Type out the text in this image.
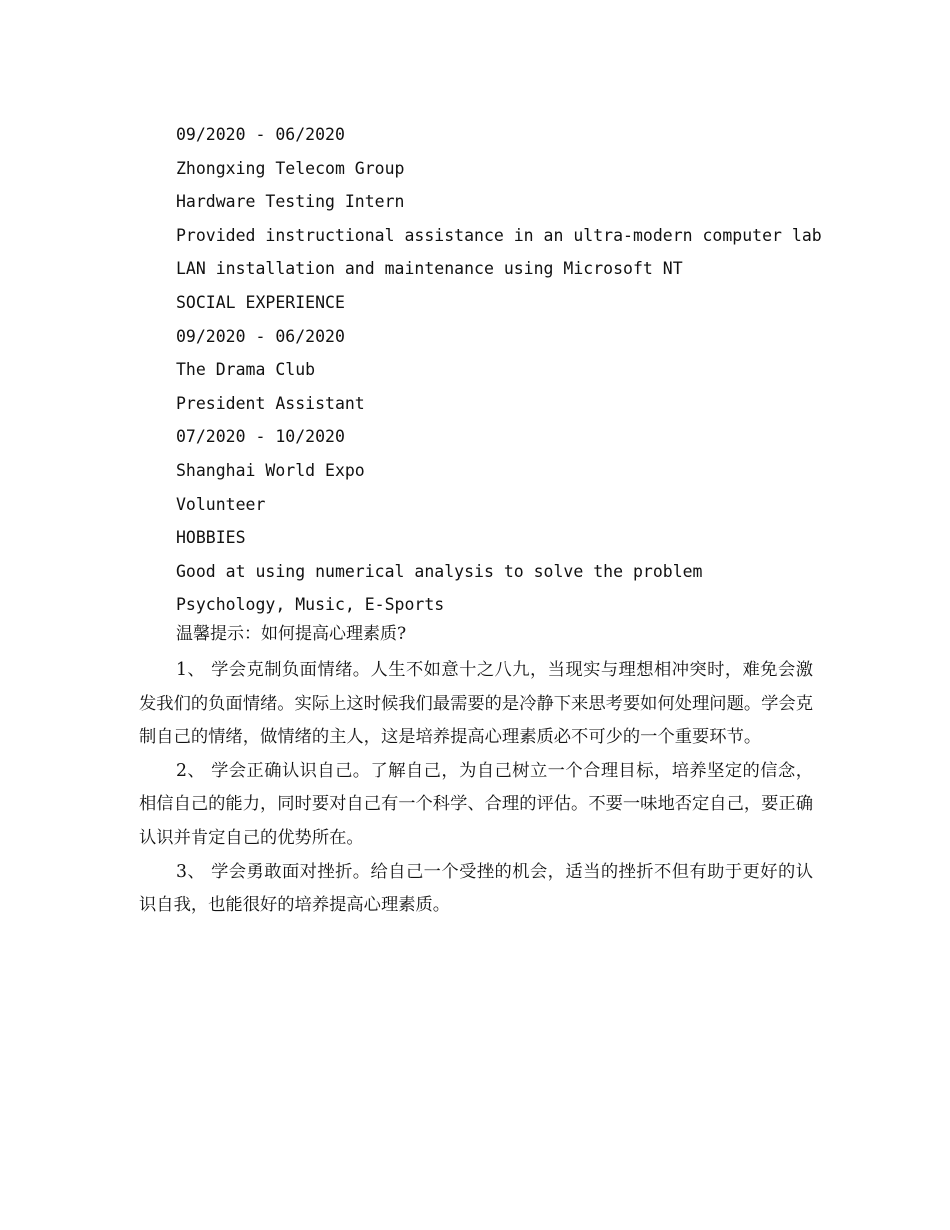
09/2020 - 06/2020
Zhongxing Telecom Group
Hardware Testing Intern
Provided instructional assistance in an ultra-modern computer lab
LAN installation and maintenance using Microsoft NT
SOCIAL EXPERIENCE
09/2020 - 06/2020
The Drama Club
President Assistant
07/2020 - 10/2020
Shanghai World Expo
Volunteer
HOBBIES
Good at using numerical analysis to solve the problem
Psychology, Music, E-Sports
温馨提示：如何提高心理素质?

1、 学会克制负面情绪。人生不如意十之八九，当现实与理想相冲突时，难免会激发我们的负面情绪。实际上这时候我们最需要的是冷静下来思考要如何处理问题。学会克制自己的情绪，做情绪的主人，这是培养提高心理素质必不可少的一个重要环节。

2、 学会正确认识自己。了解自己，为自己树立一个合理目标，培养坚定的信念，相信自己的能力，同时要对自己有一个科学、合理的评估。不要一味地否定自己，要正确认识并肯定自己的优势所在。

3、 学会勇敢面对挫折。给自己一个受挫的机会，适当的挫折不但有助于更好的认识自我，也能很好的培养提高心理素质。
